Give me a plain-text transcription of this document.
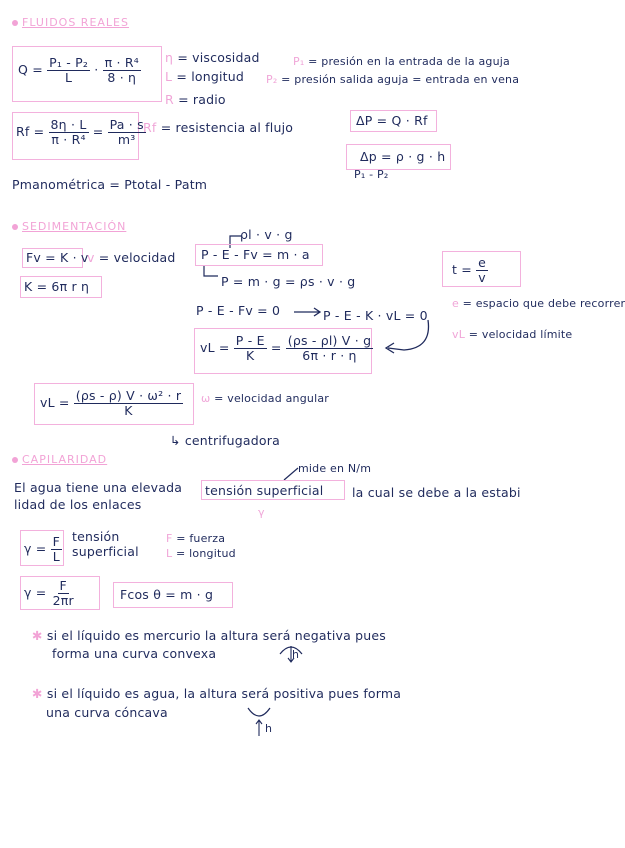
FLUIDOS REALES
$Q = \frac{\text{P₁ - P₂}}{L} \cdot \frac{\text{π · R⁴}}{8 \cdot \eta}$ η = viscosidad
L = longitud
R = radio
P₁ = presión en la entrada de la aguja
P₂ = presión salida aguja = entrada en vena
$Rf = \frac{8\eta \cdot L}{\text{π · R⁴}} = \frac{Pa \cdot s}{\text{m³}}$
Rf = resistencia al flujo	ΔP = Q · Rf
Δp = ρ · g · h
P₁ - P₂
Pmanométrica = Ptotal - Patm
SEDIMENTACIÓN
Fv = K · v
v = velocidad
K = 6π r η
ρl · v · g
P - E - Fv = m · a
P = m · g = ρs · v · g
$t = \frac{e}{v}$
P - E - Fv = 0	P - E - K · vL = 0
e = espacio que debe recorrer
vL = velocidad límite
vL = $\frac{P - E}{K} = \frac{(\rho s - \rho l) V \cdot g}{6\pi \cdot r \cdot \eta}$
vL = $\frac{\text{(ρs - ρ) V · ω² · r}}{K}$ ω = velocidad angular
↳ centrifugadora
CAPILARIDAD
mide en N/m
El agua tiene una elevada tensión superficial la cual se debe a la estabi
lidad de los enlaces
γ
$\gamma = \frac{F}{L}$ tensión
superficial
F = fuerza
L = longitud
$\gamma = \frac{F}{2\pi r}$	Fcos θ = m · g
✱ si el líquido es mercurio la altura será negativa pues
forma una curva convexa	h
✱ si el líquido es agua, la altura será positiva pues forma
una curva cóncava
h
